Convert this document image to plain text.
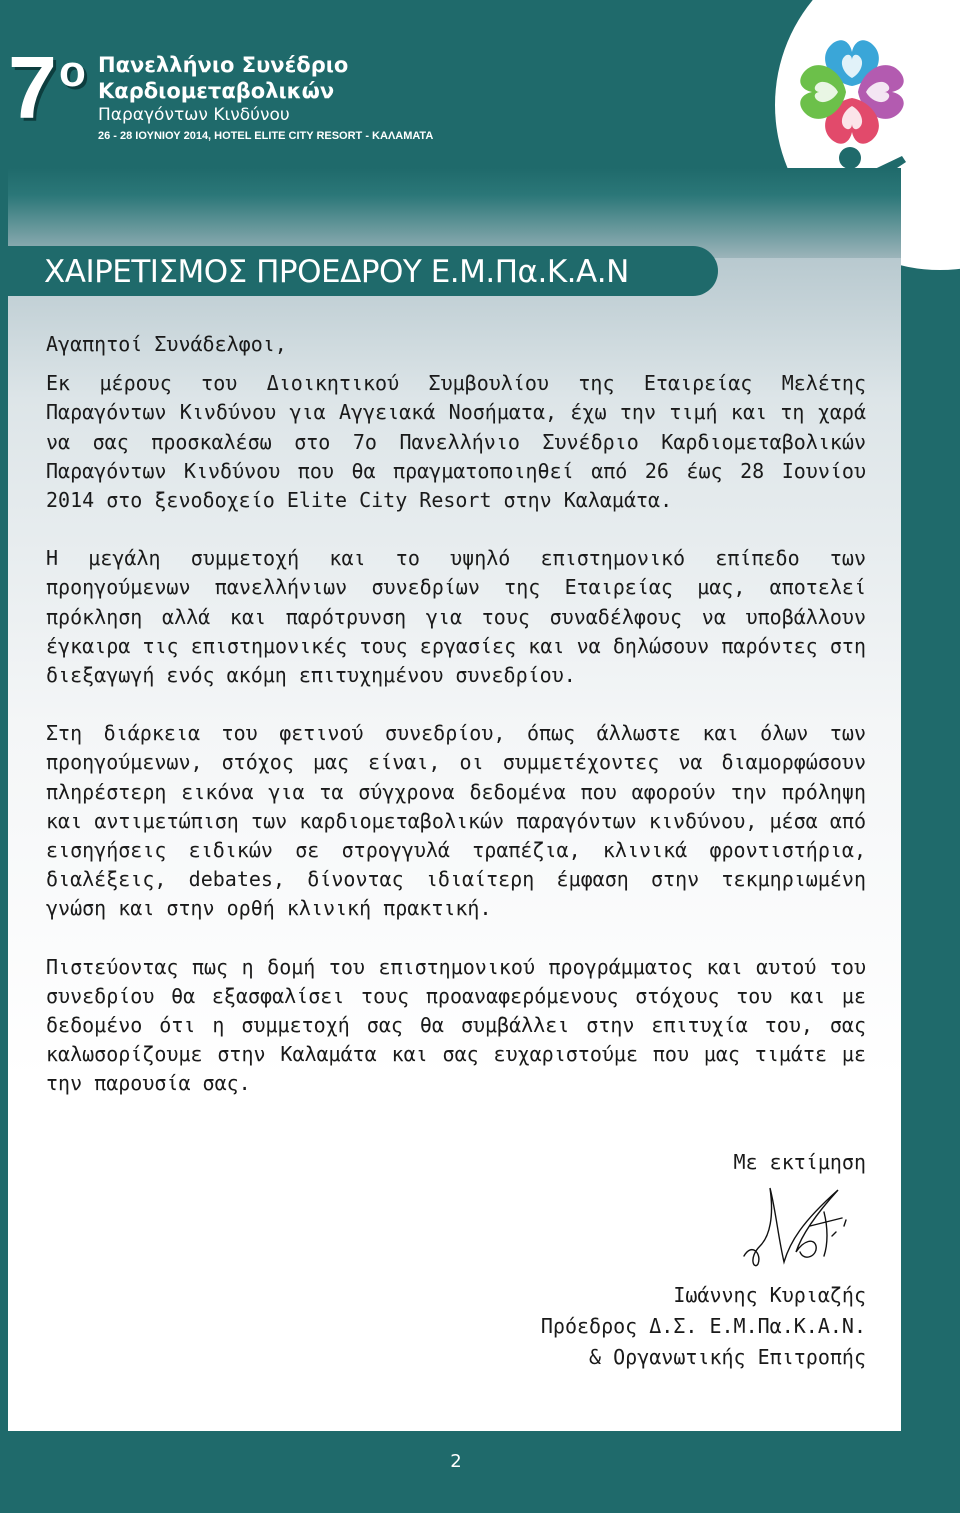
$7^o$ Πανελλήνιο Συνέδριο
Καρδιομεταβολικών
Παραγόντων Κινδύνου
26 - 28 ΙΟΥΝΙΟΥ 2014, HOTEL ELITE CITY RESORT - ΚΑΛΑΜΑΤΑ
ΧΑΙΡΕΤΙΣΜΟΣ ΠΡΟΕΔΡΟΥ Ε.Μ.Πα.Κ.Α.Ν

Αγαπητοί Συνάδελφοι,

Εκ μέρους του Διοικητικού Συμβουλίου της Εταιρείας Μελέτης Παραγόντων Κινδύνου για Αγγειακά Νοσήματα, έχω την τιμή και τη χαρά να σας προσκαλέσω στο 7ο Πανελλήνιο Συνέδριο Καρδιομεταβολικών Παραγόντων Κινδύνου που θα πραγματοποιηθεί από 26 έως 28 Ιουνίου 2014 στο ξενοδοχείο Elite City Resort στην Καλαμάτα.

Η μεγάλη συμμετοχή και το υψηλό επιστημονικό επίπεδο των προηγούμενων πανελλήνιων συνεδρίων της Εταιρείας μας, αποτελεί πρόκληση αλλά και παρότρυνση για τους συναδέλφους να υποβάλλουν έγκαιρα τις επιστημονικές τους εργασίες και να δηλώσουν παρόντες στη διεξαγωγή ενός ακόμη επιτυχημένου συνεδρίου.

Στη διάρκεια του φετινού συνεδρίου, όπως άλλωστε και όλων των προηγούμενων, στόχος μας είναι, οι συμμετέχοντες να διαμορφώσουν πληρέστερη εικόνα για τα σύγχρονα δεδομένα που αφορούν την πρόληψη και αντιμετώπιση των καρδιομεταβολικών παραγόντων κινδύνου, μέσα από εισηγήσεις ειδικών σε στρογγυλά τραπέζια, κλινικά φροντιστήρια, διαλέξεις, debates, δίνοντας ιδιαίτερη έμφαση στην τεκμηριωμένη γνώση και στην ορθή κλινική πρακτική.

Πιστεύοντας πως η δομή του επιστημονικού προγράμματος και αυτού του συνεδρίου θα εξασφαλίσει τους προαναφερόμενους στόχους του και με δεδομένο ότι η συμμετοχή σας θα συμβάλλει στην επιτυχία του, σας καλωσορίζουμε στην Καλαμάτα και σας ευχαριστούμε που μας τιμάτε με την παρουσία σας.

Με εκτίμηση
Ιωάννης Κυριαζής
Πρόεδρος Δ.Σ. Ε.Μ.Πα.Κ.Α.Ν.
& Οργανωτικής Επιτροπής
2
